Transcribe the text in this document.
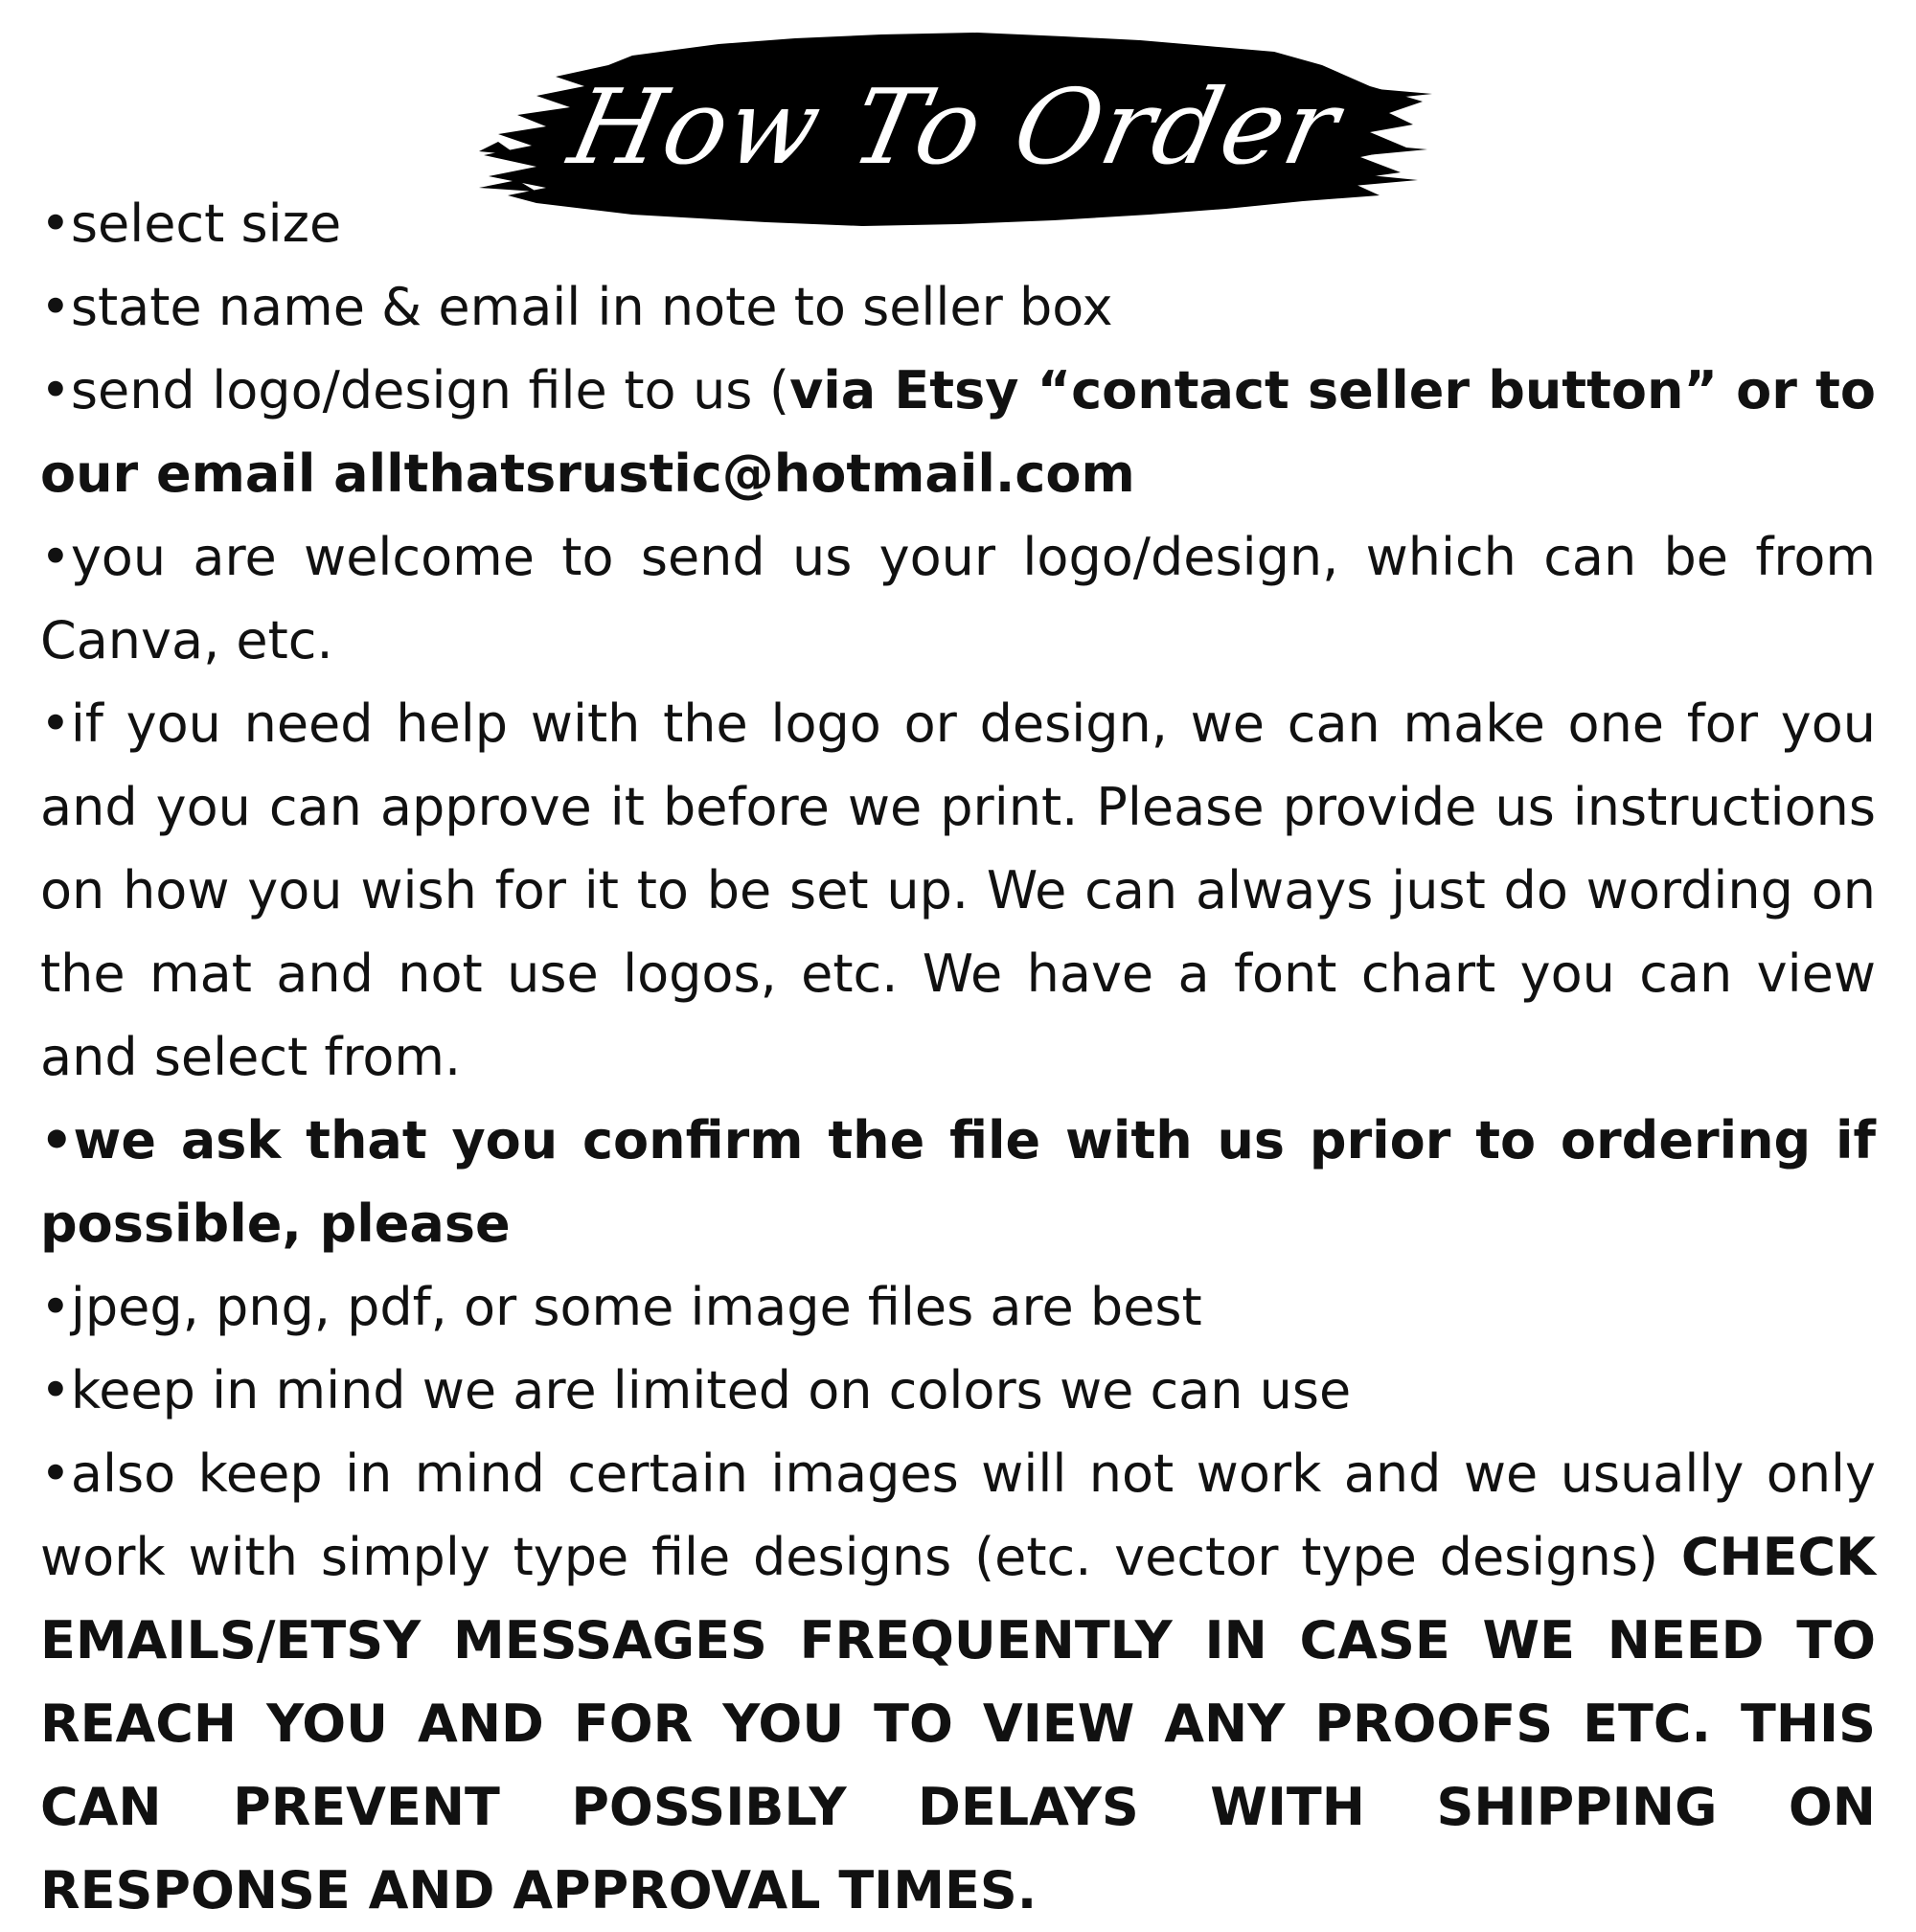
How To Order

•select size

•state name & email in note to seller box

•send logo/design file to us (via Etsy “contact seller button” or to our email allthatsrustic@hotmail.com

•you are welcome to send us your logo/design, which can be from Canva, etc.

•if you need help with the logo or design, we can make one for you and you can approve it before we print. Please provide us instructions on how you wish for it to be set up. We can always just do wording on the mat and not use logos, etc. We have a font chart you can view and select from.

•we ask that you confirm the file with us prior to ordering if possible, please

•jpeg, png, pdf, or some image files are best

•keep in mind we are limited on colors we can use

•also keep in mind certain images will not work and we usually only work with simply type file designs (etc. vector type designs) CHECK EMAILS/ETSY MESSAGES FREQUENTLY IN CASE WE NEED TO REACH YOU AND FOR YOU TO VIEW ANY PROOFS ETC. THIS CAN PREVENT POSSIBLY DELAYS WITH SHIPPING ON RESPONSE AND APPROVAL TIMES.
